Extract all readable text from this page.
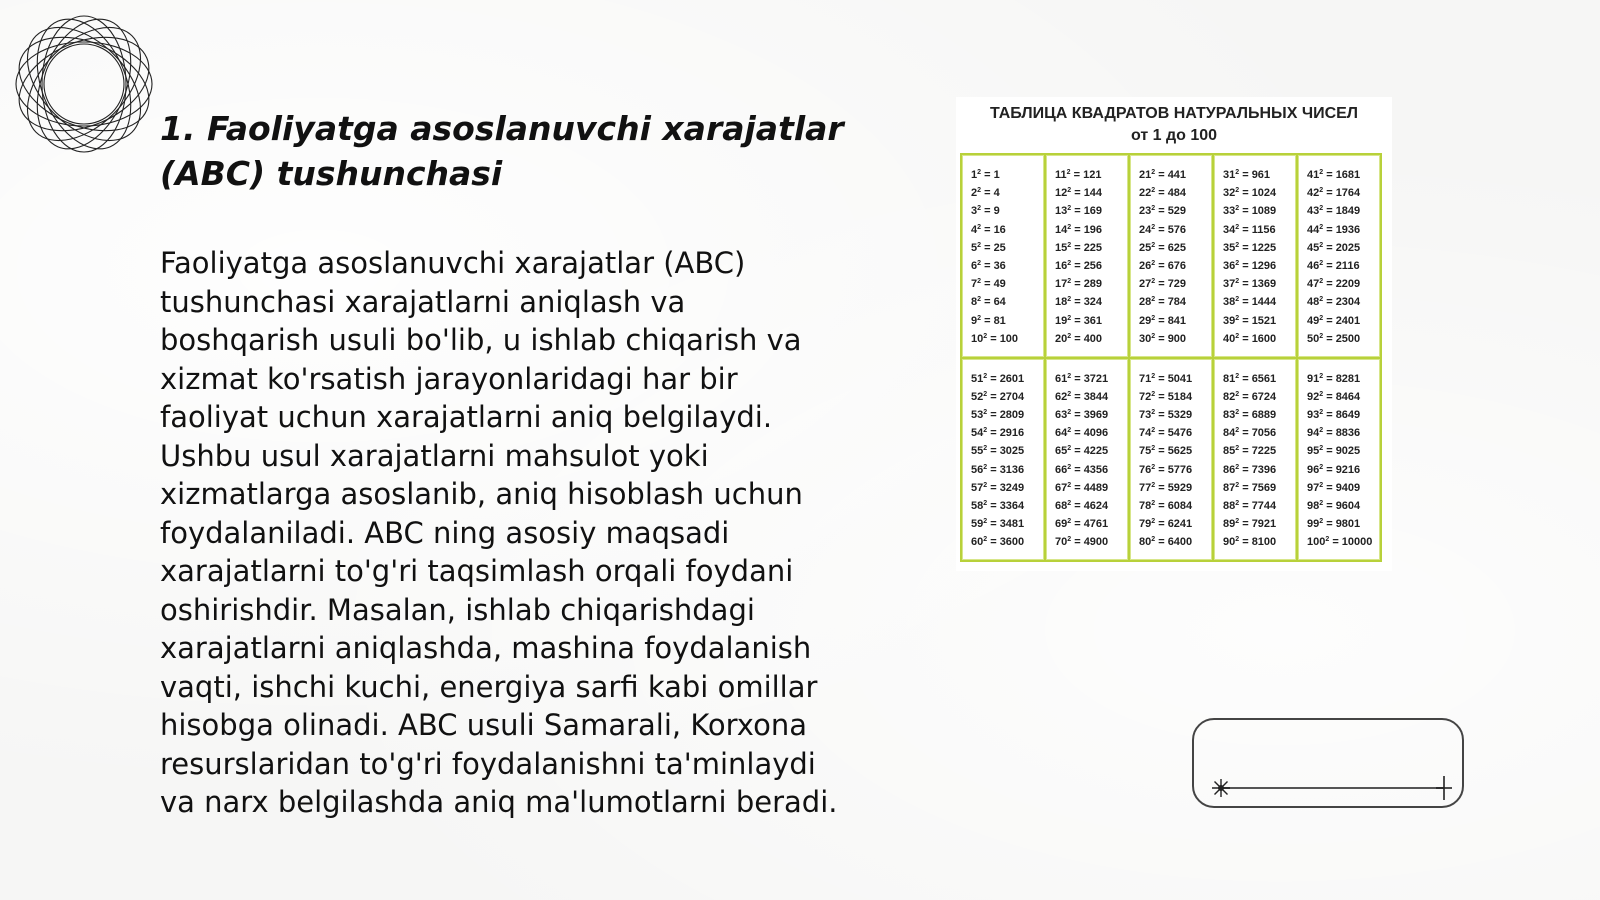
1. Faoliyatga asoslanuvchi xarajatlar (ABC) tushunchasi

Faoliyatga asoslanuvchi xarajatlar (ABC) tushunchasi xarajatlarni aniqlash va boshqarish usuli bo'lib, u ishlab chiqarish va xizmat ko'rsatish jarayonlaridagi har bir faoliyat uchun xarajatlarni aniq belgilaydi. Ushbu usul xarajatlarni mahsulot yoki xizmatlarga asoslanib, aniq hisoblash uchun foydalaniladi. ABC ning asosiy maqsadi xarajatlarni to'g'ri taqsimlash orqali foydani oshirishdir. Masalan, ishlab chiqarishdagi xarajatlarni aniqlashda, mashina foydalanish vaqti, ishchi kuchi, energiya sarfi kabi omillar hisobga olinadi. ABC usuli Samarali, Korxona resurslaridan to'g'ri foydalanishni ta'minlaydi va narx belgilashda aniq ma'lumotlarni beradi.

ТАБЛИЦА КВАДРАТОВ НАТУРАЛЬНЫХ ЧИСЕЛ
от 1 до 100
$1^2 = 1$
$2^2 = 4$
$3^2 = 9$
$4^2 = 16$
$5^2 = 25$
$6^2 = 36$
$7^2 = 49$
$8^2 = 64$
$9^2 = 81$
$10^2 = 100$
$11^2 = 121$
$12^2 = 144$
$13^2 = 169$
$14^2 = 196$
$15^2 = 225$
$16^2 = 256$
$17^2 = 289$
$18^2 = 324$
$19^2 = 361$
$20^2 = 400$
$21^2 = 441$
$22^2 = 484$
$23^2 = 529$
$24^2 = 576$
$25^2 = 625$
$26^2 = 676$
$27^2 = 729$
$28^2 = 784$
$29^2 = 841$
$30^2 = 900$
$31^2 = 961$
$32^2 = 1024$
$33^2 = 1089$
$34^2 = 1156$
$35^2 = 1225$
$36^2 = 1296$
$37^2 = 1369$
$38^2 = 1444$
$39^2 = 1521$
$40^2 = 1600$
$41^2 = 1681$
$42^2 = 1764$
$43^2 = 1849$
$44^2 = 1936$
$45^2 = 2025$
$46^2 = 2116$
$47^2 = 2209$
$48^2 = 2304$
$49^2 = 2401$
$50^2 = 2500$
$51^2 = 2601$
$52^2 = 2704$
$53^2 = 2809$
$54^2 = 2916$
$55^2 = 3025$
$56^2 = 3136$
$57^2 = 3249$
$58^2 = 3364$
$59^2 = 3481$
$60^2 = 3600$
$61^2 = 3721$
$62^2 = 3844$
$63^2 = 3969$
$64^2 = 4096$
$65^2 = 4225$
$66^2 = 4356$
$67^2 = 4489$
$68^2 = 4624$
$69^2 = 4761$
$70^2 = 4900$
$71^2 = 5041$
$72^2 = 5184$
$73^2 = 5329$
$74^2 = 5476$
$75^2 = 5625$
$76^2 = 5776$
$77^2 = 5929$
$78^2 = 6084$
$79^2 = 6241$
$80^2 = 6400$
$81^2 = 6561$
$82^2 = 6724$
$83^2 = 6889$
$84^2 = 7056$
$85^2 = 7225$
$86^2 = 7396$
$87^2 = 7569$
$88^2 = 7744$
$89^2 = 7921$
$90^2 = 8100$
$91^2 = 8281$
$92^2 = 8464$
$93^2 = 8649$
$94^2 = 8836$
$95^2 = 9025$
$96^2 = 9216$
$97^2 = 9409$
$98^2 = 9604$
$99^2 = 9801$
$100^2 = 10000$
